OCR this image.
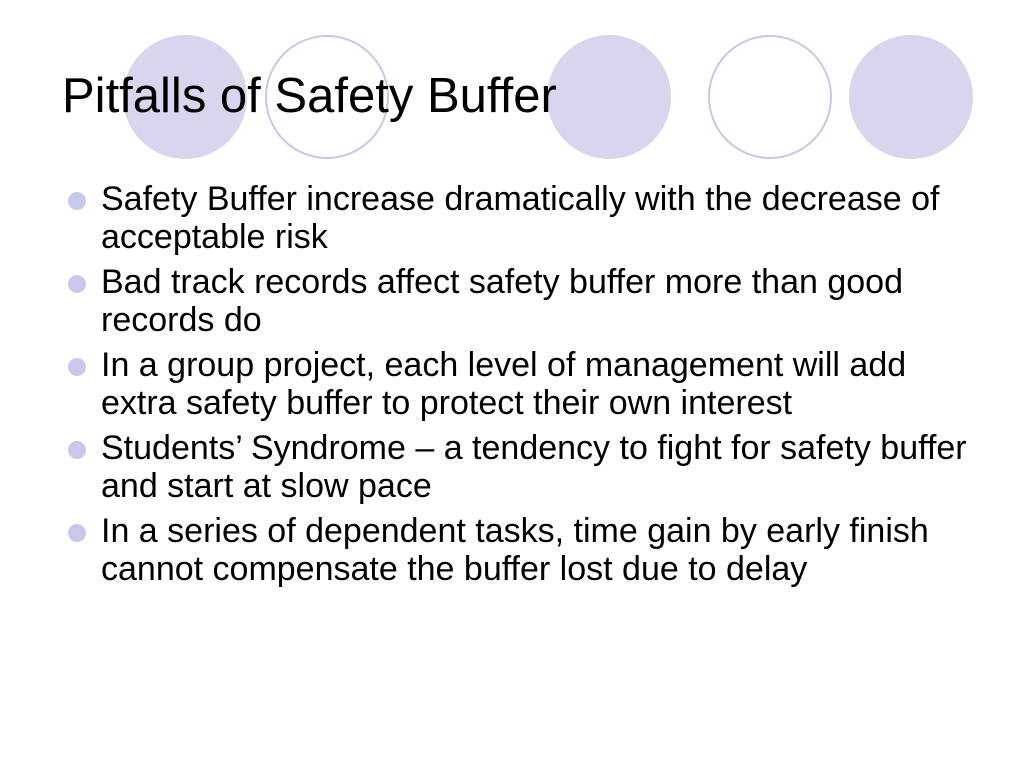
Pitfalls of Safety Buffer
Safety Buffer increase dramatically with the decrease of acceptable risk
Bad track records affect safety buffer more than good records do
In a group project, each level of management will add extra safety buffer to protect their own interest
Students’ Syndrome – a tendency to fight for safety buffer and start at slow pace
In a series of dependent tasks, time gain by early finish cannot compensate the buffer lost due to delay
